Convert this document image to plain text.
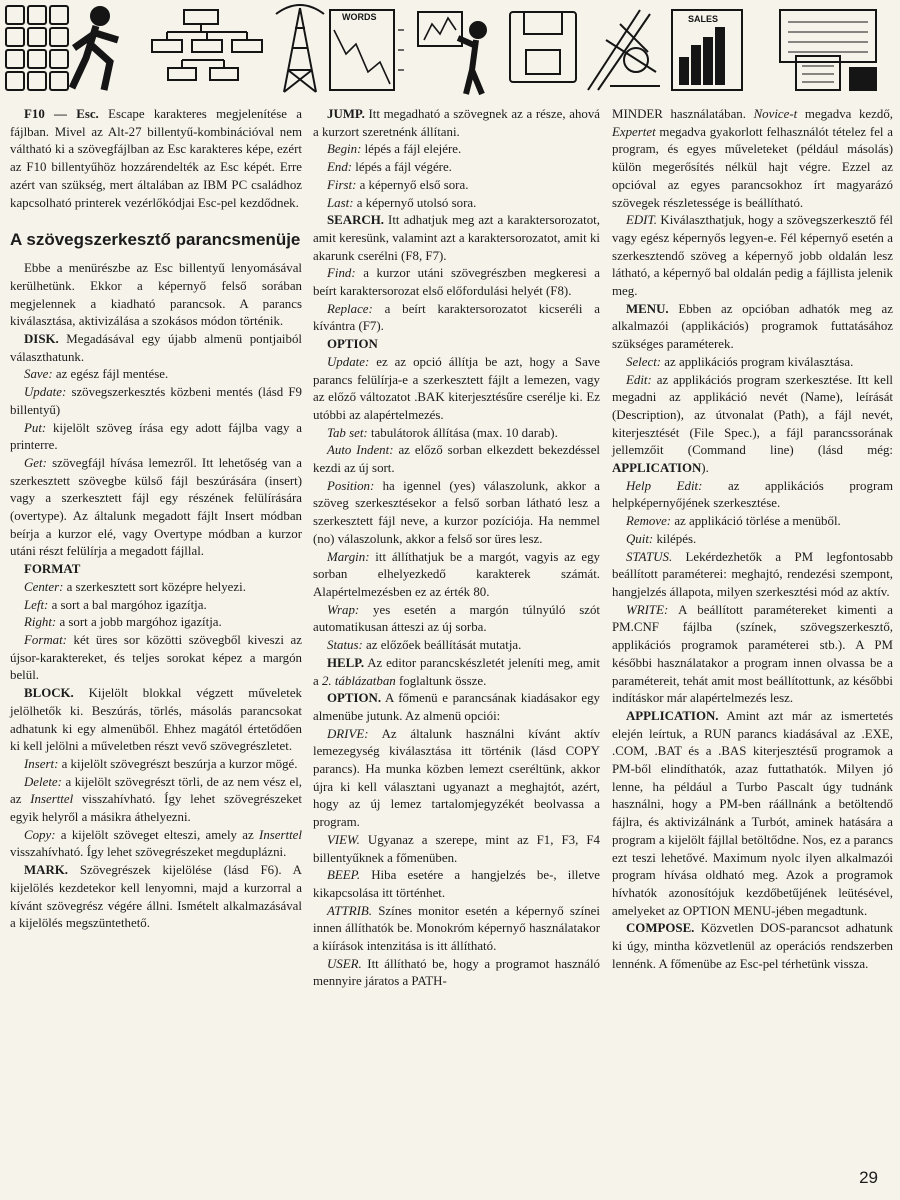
WORDS	SALES

F10 — Esc. Escape karakteres megjelenítése a fájlban. Mivel az Alt-27 billentyű-kombinációval nem váltható ki a szövegfájlban az Esc karakteres képe, ezért az F10 billentyűhöz hozzárendelték az Esc képét. Erre azért van szükség, mert általában az IBM PC családhoz kapcsolható printerek vezérlőkódjai Esc-pel kezdődnek.

A szövegszerkesztő parancsmenüje

Ebbe a menürészbe az Esc billentyű lenyomásával kerülhetünk. Ekkor a képernyő felső sorában megjelennek a kiadható parancsok. A parancs kiválasztása, aktivizálása a szokásos módon történik.

DISK. Megadásával egy újabb almenü pontjaiból választhatunk.

Save: az egész fájl mentése.

Update: szövegszerkesztés közbeni mentés (lásd F9 billentyű)

Put: kijelölt szöveg írása egy adott fájlba vagy a printerre.

Get: szövegfájl hívása lemezről. Itt lehetőség van a szerkesztett szövegbe külső fájl beszúrására (insert) vagy a szerkesztett fájl egy részének felülírására (overtype). Az általunk megadott fájlt Insert módban beírja a kurzor elé, vagy Overtype módban a kurzor utáni részt felülírja a megadott fájllal.

FORMAT

Center: a szerkesztett sort középre helyezi.

Left: a sort a bal margóhoz igazítja.

Right: a sort a jobb margóhoz igazítja.

Format: két üres sor közötti szövegből kiveszi az újsor-karaktereket, és teljes sorokat képez a margón belül.

BLOCK. Kijelölt blokkal végzett műveletek jelölhetők ki. Beszúrás, törlés, másolás parancsokat adhatunk ki egy almenüből. Ehhez magától értetődően ki kell jelölni a műveletben részt vevő szövegrészletet.

Insert: a kijelölt szövegrészt beszúrja a kurzor mögé.

Delete: a kijelölt szövegrészt törli, de az nem vész el, az Inserttel visszahívható. Így lehet szövegrészeket egyik helyről a másikra áthelyezni.

Copy: a kijelölt szöveget elteszi, amely az Inserttel visszahívható. Így lehet szövegrészeket megduplázni.

MARK. Szövegrészek kijelölése (lásd F6). A kijelölés kezdetekor kell lenyomni, majd a kurzorral a kívánt szövegrész végére állni. Ismételt alkalmazásával a kijelölés megszüntethető.

JUMP. Itt megadható a szövegnek az a része, ahová a kurzort szeretnénk állítani.

Begin: lépés a fájl elejére.

End: lépés a fájl végére.

First: a képernyő első sora.

Last: a képernyő utolsó sora.

SEARCH. Itt adhatjuk meg azt a karaktersorozatot, amit keresünk, valamint azt a karaktersorozatot, amit ki akarunk cserélni (F8, F7).

Find: a kurzor utáni szövegrészben megkeresi a beírt karaktersorozat első előfordulási helyét (F8).

Replace: a beírt karaktersorozatot kicseréli a kívántra (F7).

OPTION

Update: ez az opció állítja be azt, hogy a Save parancs felülírja-e a szerkesztett fájlt a lemezen, vagy az előző változatot .BAK kiterjesztésűre cserélje ki. Ez utóbbi az alapértelmezés.

Tab set: tabulátorok állítása (max. 10 darab).

Auto Indent: az előző sorban elkezdett bekezdéssel kezdi az új sort.

Position: ha igennel (yes) válaszolunk, akkor a szöveg szerkesztésekor a felső sorban látható lesz a szerkesztett fájl neve, a kurzor pozíciója. Ha nemmel (no) válaszolunk, akkor a felső sor üres lesz.

Margin: itt állíthatjuk be a margót, vagyis az egy sorban elhelyezkedő karakterek számát. Alapértelmezésben ez az érték 80.

Wrap: yes esetén a margón túlnyúló szót automatikusan átteszi az új sorba.

Status: az előzőek beállítását mutatja.

HELP. Az editor parancskészletét jeleníti meg, amit a 2. táblázatban foglaltunk össze.

OPTION. A főmenü e parancsának kiadásakor egy almenübe jutunk. Az almenü opciói:

DRIVE: Az általunk használni kívánt aktív lemezegység kiválasztása itt történik (lásd COPY parancs). Ha munka közben lemezt cseréltünk, akkor újra ki kell választani ugyanazt a meghajtót, azért, hogy az új lemez tartalomjegyzékét beolvassa a program.

VIEW. Ugyanaz a szerepe, mint az F1, F3, F4 billentyűknek a főmenüben.

BEEP. Hiba esetére a hangjelzés be-, illetve kikapcsolása itt történhet.

ATTRIB. Színes monitor esetén a képernyő színei innen állíthatók be. Monokróm képernyő használatakor a kiírások intenzitása is itt állítható.

USER. Itt állítható be, hogy a programot használó mennyire járatos a PATH-

MINDER használatában. Novice-t megadva kezdő, Expertet megadva gyakorlott felhasználót tételez fel a program, és egyes műveleteket (például másolás) külön megerősítés nélkül hajt végre. Ezzel az opcióval az egyes parancsokhoz írt magyarázó szövegek részletessége is beállítható.

EDIT. Kiválaszthatjuk, hogy a szövegszerkesztő fél vagy egész képernyős legyen-e. Fél képernyő esetén a szerkesztendő szöveg a képernyő jobb oldalán lesz látható, a képernyő bal oldalán pedig a fájllista jelenik meg.

MENU. Ebben az opcióban adhatók meg az alkalmazói (applikációs) programok futtatásához szükséges paraméterek.

Select: az applikációs program kiválasztása.

Edit: az applikációs program szerkesztése. Itt kell megadni az applikáció nevét (Name), leírását (Description), az útvonalat (Path), a fájl nevét, kiterjesztését (File Spec.), a fájl parancssorának jellemzőit (Command line) (lásd még: APPLICATION).

Help Edit: az applikációs program helpképernyőjének szerkesztése.

Remove: az applikáció törlése a menüből.

Quit: kilépés.

STATUS. Lekérdezhetők a PM legfontosabb beállított paraméterei: meghajtó, rendezési szempont, hangjelzés állapota, milyen szerkesztési mód az aktív.

WRITE: A beállított paramétereket kimenti a PM.CNF fájlba (színek, szövegszerkesztő, applikációs programok paraméterei stb.). A PM későbbi használatakor a program innen olvassa be a paramétereit, tehát amit most beállítottunk, az későbbi indításkor már alapértelmezés lesz.

APPLICATION. Amint azt már az ismertetés elején leírtuk, a RUN parancs kiadásával az .EXE, .COM, .BAT és a .BAS kiterjesztésű programok a PM-ből elindíthatók, azaz futtathatók. Milyen jó lenne, ha például a Turbo Pascalt úgy tudnánk használni, hogy a PM-ben ráállnánk a betöltendő fájlra, és aktivizálnánk a Turbót, aminek hatására a program a kijelölt fájllal betöltődne. Nos, ez a parancs ezt teszi lehetővé. Maximum nyolc ilyen alkalmazói program hívása oldható meg. Azok a programok hívhatók azonosítójuk kezdőbetűjének leütésével, amelyeket az OPTION MENU-jében megadtunk.

COMPOSE. Közvetlen DOS-parancsot adhatunk ki úgy, mintha közvetlenül az operációs rendszerben lennénk. A főmenübe az Esc-pel térhetünk vissza.

29
